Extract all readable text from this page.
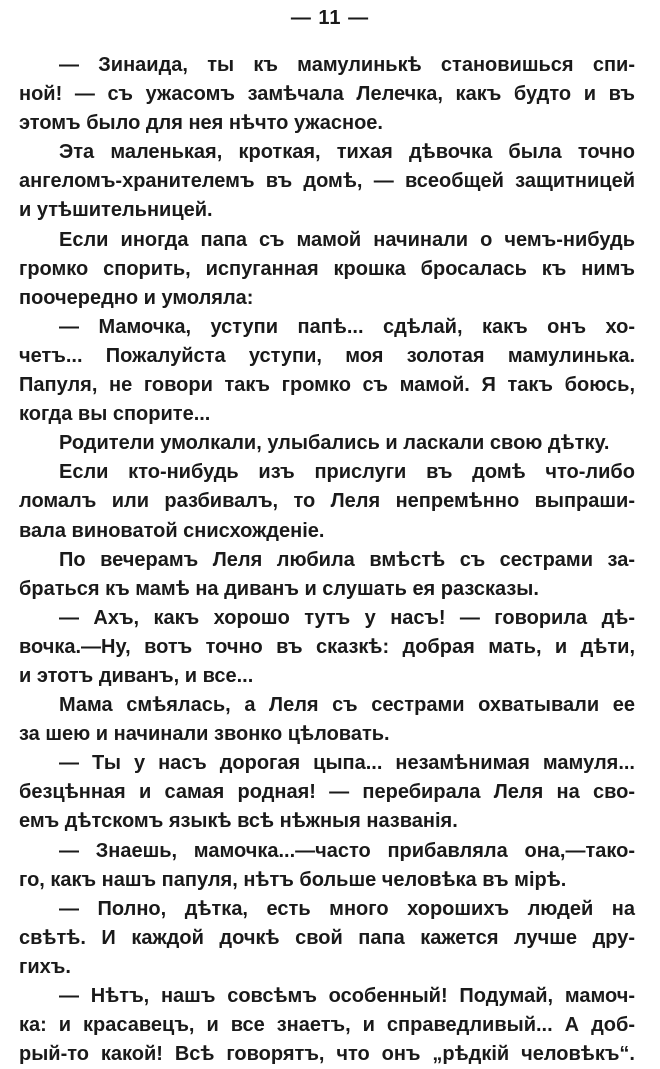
— 11 —
— Зинаида, ты къ мамулинькѣ становишься спи-
ной! — съ ужасомъ замѣчала Лелечка, какъ будто и въ
этомъ было для нея нѣчто ужасное.
Эта маленькая, кроткая, тихая дѣвочка была точно
ангеломъ-хранителемъ въ домѣ, — всеобщей защитницей
и утѣшительницей.
Если иногда папа съ мамой начинали о чемъ-нибудь
громко спорить, испуганная крошка бросалась къ нимъ
поочередно и умоляла:
— Мамочка, уступи папѣ... сдѣлай, какъ онъ хо-
четъ... Пожалуйста уступи, моя золотая мамулинька.
Папуля, не говори такъ громко съ мамой. Я такъ боюсь,
когда вы спорите...
Родители умолкали, улыбались и ласкали свою дѣтку.
Если кто-нибудь изъ прислуги въ домѣ что-либо
ломалъ или разбивалъ, то Леля непремѣнно выпраши-
вала виноватой снисхожденіе.
По вечерамъ Леля любила вмѣстѣ съ сестрами за-
браться къ мамѣ на диванъ и слушать ея разсказы.
— Ахъ, какъ хорошо тутъ у насъ! — говорила дѣ-
вочка.—Ну, вотъ точно въ сказкѣ: добрая мать, и дѣти,
и этотъ диванъ, и все...
Мама смѣялась, а Леля съ сестрами охватывали ее
за шею и начинали звонко цѣловать.
— Ты у насъ дорогая цыпа... незамѣнимая мамуля...
безцѣнная и самая родная! — перебирала Леля на сво-
емъ дѣтскомъ языкѣ всѣ нѣжныя названія.
— Знаешь, мамочка...—часто прибавляла она,—тако-
го, какъ нашъ папуля, нѣтъ больше человѣка въ мірѣ.
— Полно, дѣтка, есть много хорошихъ людей на
свѣтѣ. И каждой дочкѣ свой папа кажется лучше дру-
гихъ.
— Нѣтъ, нашъ совсѣмъ особенный! Подумай, мамоч-
ка: и красавецъ, и все знаетъ, и справедливый... А доб-
рый-то какой! Всѣ говорятъ, что онъ „рѣдкій человѣкъ“.
